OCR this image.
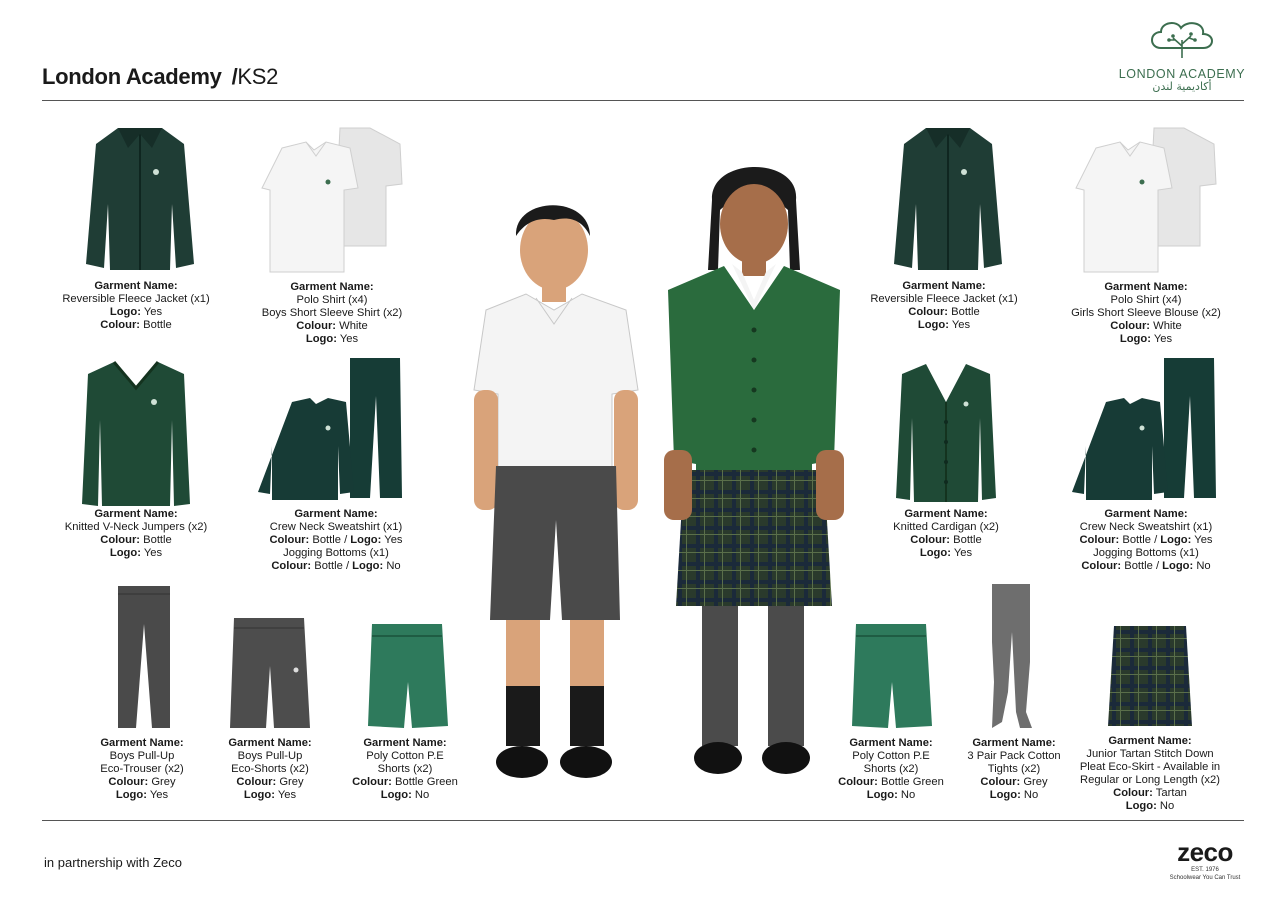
London Academy /KS2	LONDON ACADEMY
أكاديمية لندن
Garment Name:
Reversible Fleece Jacket (x1)
Logo: Yes
Colour: Bottle
Garment Name:
Polo Shirt (x4)
Boys Short Sleeve Shirt (x2)
Colour: White
Logo: Yes
Garment Name:
Knitted V-Neck Jumpers (x2)
Colour: Bottle
Logo: Yes
Garment Name:
Crew Neck Sweatshirt (x1)
Colour: Bottle / Logo: Yes
Jogging Bottoms (x1)
Colour: Bottle / Logo: No
Garment Name:
Boys Pull-Up
Eco-Trouser (x2)
Colour: Grey
Logo: Yes
Garment Name:
Boys Pull-Up
Eco-Shorts (x2)
Colour: Grey
Logo: Yes
Garment Name:
Poly Cotton P.E
Shorts (x2)
Colour: Bottle Green
Logo: No
Garment Name:
Reversible Fleece Jacket (x1)
Colour: Bottle
Logo: Yes
Garment Name:
Polo Shirt (x4)
Girls Short Sleeve Blouse (x2)
Colour: White
Logo: Yes
Garment Name:
Knitted Cardigan (x2)
Colour: Bottle
Logo: Yes
Garment Name:
Crew Neck Sweatshirt (x1)
Colour: Bottle / Logo: Yes
Jogging Bottoms (x1)
Colour: Bottle / Logo: No
Garment Name:
Poly Cotton P.E
Shorts (x2)
Colour: Bottle Green
Logo: No
Garment Name:
3 Pair Pack Cotton
Tights (x2)
Colour: Grey
Logo: No
Garment Name:
Junior Tartan Stitch Down
Pleat Eco-Skirt - Available in
Regular or Long Length (x2)
Colour: Tartan
Logo: No
in partnership with Zeco	zeco
EST. 1976
Schoolwear You Can Trust
